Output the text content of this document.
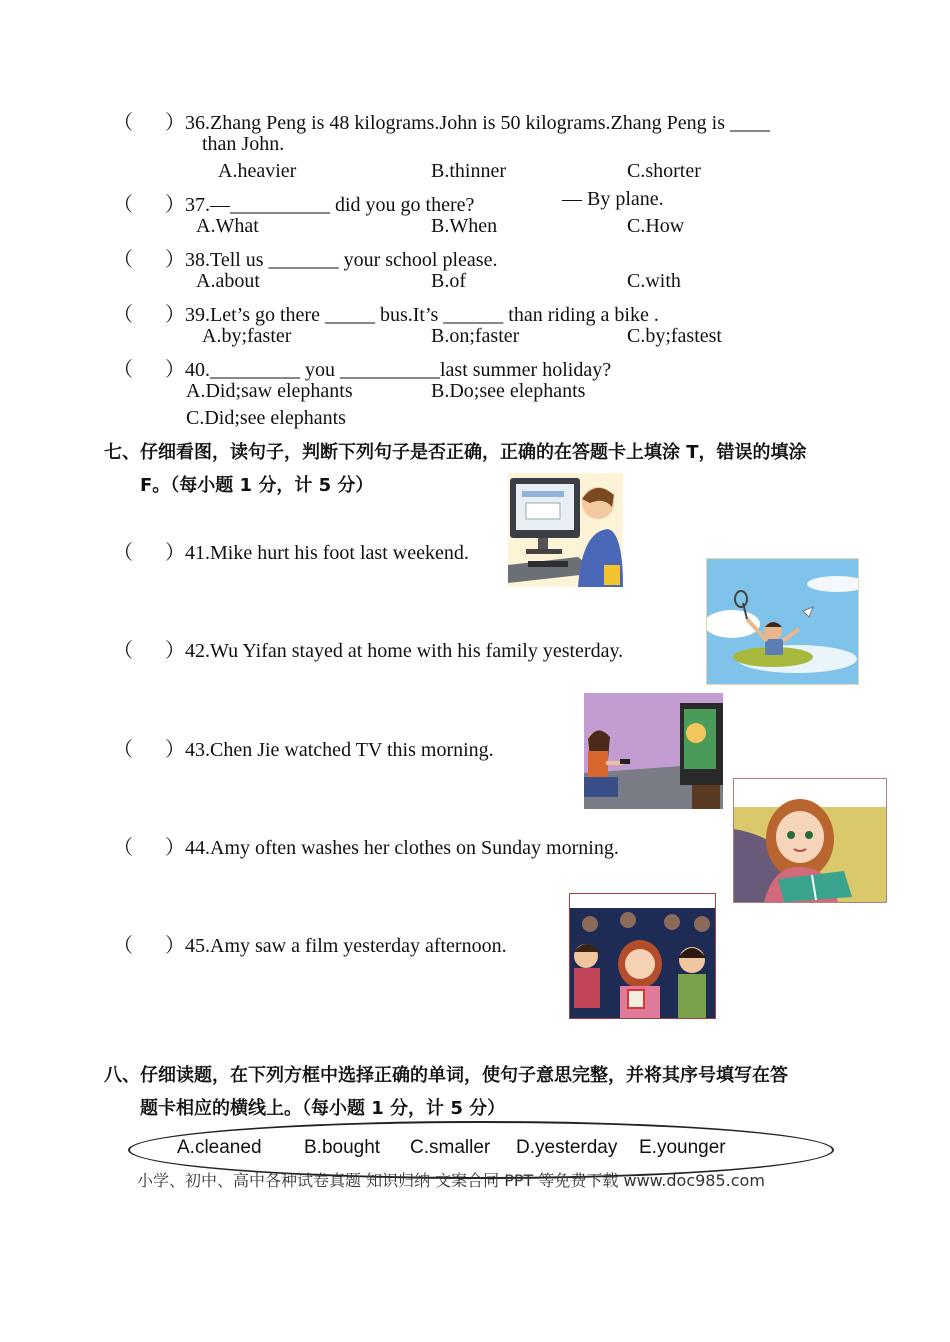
（ ）36.Zhang Peng is 48 kilograms.John is 50 kilograms.Zhang Peng is ____
than John.
A.heavier	B.thinner	C.shorter
（ ）37.—__________ did you go there?	— By plane.
A.What	B.When	C.How
（ ）38.Tell us _______ your school please.
A.about	B.of	C.with
（ ）39.Let’s go there _____ bus.It’s ______ than riding a bike .
A.by;faster	B.on;faster	C.by;fastest
（ ）40._________ you __________last summer holiday?
A.Did;saw elephants	B.Do;see elephants
C.Did;see elephants
七、仔细看图，读句子，判断下列句子是否正确，正确的在答题卡上填涂 T，错误的填涂
F。（每小题 1 分，计 5 分）
（ ）41.Mike hurt his foot last weekend.
（ ）42.Wu Yifan stayed at home with his family yesterday.
（ ）43.Chen Jie watched TV this morning.
（ ）44.Amy often washes her clothes on Sunday morning.
（ ）45.Amy saw a film yesterday afternoon.
八、仔细读题，在下列方框中选择正确的单词，使句子意思完整，并将其序号填写在答
题卡相应的横线上。（每小题 1 分，计 5 分）
A.cleaned B.bought C.smaller D.yesterday E.younger
小学、初中、高中各种试卷真题 知识归纳 文案合同 PPT 等免费下载 www.doc985.com
